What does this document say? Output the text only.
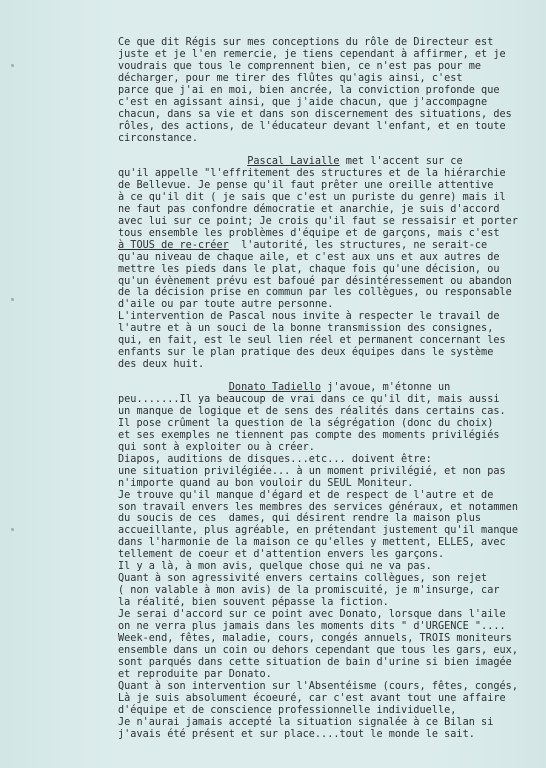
Ce que dit Régis sur mes conceptions du rôle de Directeur est
juste et je l'en remercie, je tiens cependant à affirmer, et je
voudrais que tous le comprennent bien, ce n'est pas pour me
décharger, pour me tirer des flûtes qu'agis ainsi, c'est
parce que j'ai en moi, bien ancrée, la conviction profonde que
c'est en agissant ainsi, que j'aide chacun, que j'accompagne
chacun, dans sa vie et dans son discernement des situations, des
rôles, des actions, de l'éducateur devant l'enfant, et en toute
circonstance.
Pascal Lavialle met l'accent sur ce
qu'il appelle "l'effritement des structures et de la hiérarchie
de Bellevue. Je pense qu'il faut prêter une oreille attentive
à ce qu'il dit ( je sais que c'est un puriste du genre) mais il
ne faut pas confondre démocratie et anarchie, je suis d'accord
avec lui sur ce point; Je crois qu'il faut se ressaisir et porter
tous ensemble les problèmes d'équipe et de garçons, mais c'est
à TOUS de re-créer  l'autorité, les structures, ne serait-ce
qu'au niveau de chaque aile, et c'est aux uns et aux autres de
mettre les pieds dans le plat, chaque fois qu'une décision, ou
qu'un évènement prévu est bafoué par désintéressement ou abandon
de la décision prise en commun par les collègues, ou responsable
d'aile ou par toute autre personne.
L'intervention de Pascal nous invite à respecter le travail de
l'autre et à un souci de la bonne transmission des consignes,
qui, en fait, est le seul lien réel et permanent concernant les
enfants sur le plan pratique des deux équipes dans le système
des deux huit.
Donato Tadiello j'avoue, m'étonne un
peu.......Il ya beaucoup de vrai dans ce qu'il dit, mais aussi
un manque de logique et de sens des réalités dans certains cas.
Il pose crûment la question de la ségrégation (donc du choix)
et ses exemples ne tiennent pas compte des moments privilégiés
qui sont à exploiter ou à créer.
Diapos, auditions de disques...etc... doivent être:
une situation privilégiée... à un moment privilégié, et non pas
n'importe quand au bon vouloir du SEUL Moniteur.
Je trouve qu'il manque d'égard et de respect de l'autre et de
son travail envers les membres des services généraux, et notammen
du soucis de ces  dames, qui désirent rendre la maison plus
accueillante, plus agréable, en prétendant justement qu'il manque
dans l'harmonie de la maison ce qu'elles y mettent, ELLES, avec
tellement de coeur et d'attention envers les garçons.
Il y a là, à mon avis, quelque chose qui ne va pas.
Quant à son agressivité envers certains collègues, son rejet
( non valable à mon avis) de la promiscuité, je m'insurge, car
la réalité, bien souvent pépasse la fiction.
Je serai d'accord sur ce point avec Donato, lorsque dans l'aile
on ne verra plus jamais dans les moments dits " d'URGENCE "....
Week-end, fêtes, maladie, cours, congés annuels, TROIS moniteurs
ensemble dans un coin ou dehors cependant que tous les gars, eux,
sont parqués dans cette situation de bain d'urine si bien imagée
et reproduite par Donato.
Quant à son intervention sur l'Absentéisme (cours, fêtes, congés,
Là je suis absolument écoeuré, car c'est avant tout une affaire
d'équipe et de conscience professionnelle individuelle,
Je n'aurai jamais accepté la situation signalée à ce Bilan si
j'avais été présent et sur place....tout le monde le sait.
